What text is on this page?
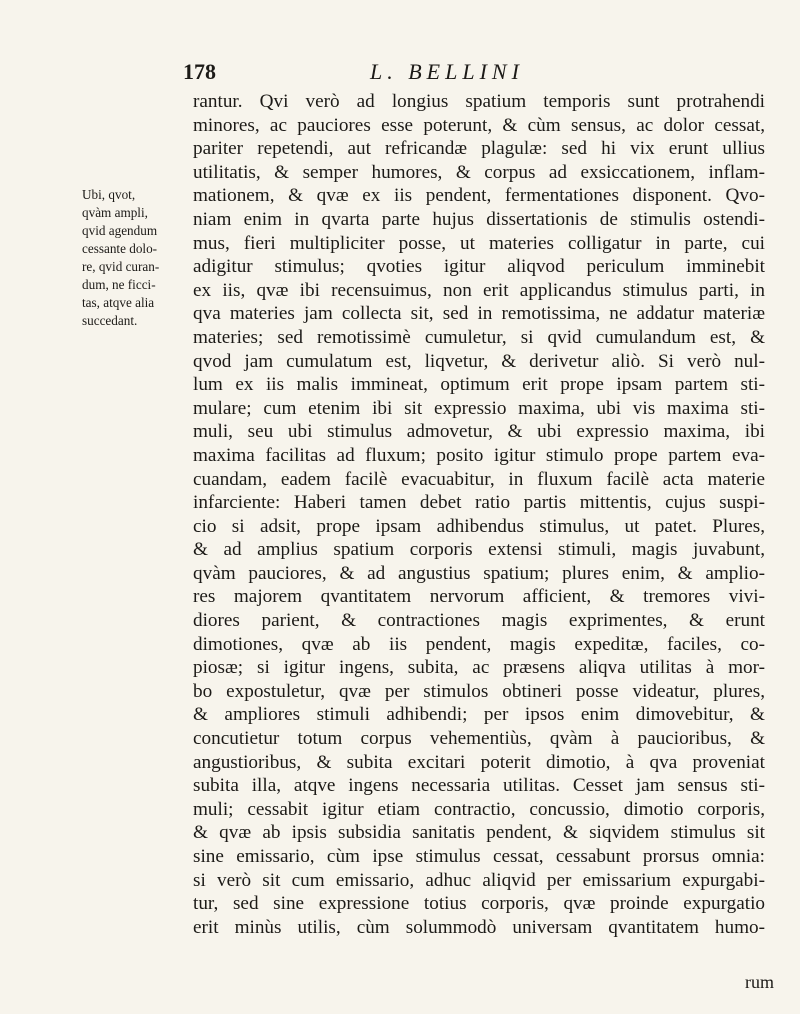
178	L. BELLINI
Ubi, qvot,
qvàm ampli,
qvid agendum
cessante dolo-
re, qvid curan-
dum, ne ficci-
tas, atqve alia
succedant.
rantur. Qvi verò ad longius spatium temporis sunt protrahendi
minores, ac pauciores esse poterunt, & cùm sensus, ac dolor cessat,
pariter repetendi, aut refricandæ plagulæ: sed hi vix erunt ullius
utilitatis, & semper humores, & corpus ad exsiccationem, inflam-
mationem, & qvæ ex iis pendent, fermentationes disponent. Qvo-
niam enim in qvarta parte hujus dissertationis de stimulis ostendi-
mus, fieri multipliciter posse, ut materies colligatur in parte, cui
adigitur stimulus; qvoties igitur aliqvod periculum imminebit
ex iis, qvæ ibi recensuimus, non erit applicandus stimulus parti, in
qva materies jam collecta sit, sed in remotissima, ne addatur materiæ
materies; sed remotissimè cumuletur, si qvid cumulandum est, &
qvod jam cumulatum est, liqvetur, & derivetur aliò. Si verò nul-
lum ex iis malis immineat, optimum erit prope ipsam partem sti-
mulare; cum etenim ibi sit expressio maxima, ubi vis maxima sti-
muli, seu ubi stimulus admovetur, & ubi expressio maxima, ibi
maxima facilitas ad fluxum; posito igitur stimulo prope partem eva-
cuandam, eadem facilè evacuabitur, in fluxum facilè acta materie
infarciente: Haberi tamen debet ratio partis mittentis, cujus suspi-
cio si adsit, prope ipsam adhibendus stimulus, ut patet. Plures,
& ad amplius spatium corporis extensi stimuli, magis juvabunt,
qvàm pauciores, & ad angustius spatium; plures enim, & amplio-
res majorem qvantitatem nervorum afficient, & tremores vivi-
diores parient, & contractiones magis exprimentes, & erunt
dimotiones, qvæ ab iis pendent, magis expeditæ, faciles, co-
piosæ; si igitur ingens, subita, ac præsens aliqva utilitas à mor-
bo expostuletur, qvæ per stimulos obtineri posse videatur, plures,
& ampliores stimuli adhibendi; per ipsos enim dimovebitur, &
concutietur totum corpus vehementiùs, qvàm à paucioribus, &
angustioribus, & subita excitari poterit dimotio, à qva proveniat
subita illa, atqve ingens necessaria utilitas. Cesset jam sensus sti-
muli; cessabit igitur etiam contractio, concussio, dimotio corporis,
& qvæ ab ipsis subsidia sanitatis pendent, & siqvidem stimulus sit
sine emissario, cùm ipse stimulus cessat, cessabunt prorsus omnia:
si verò sit cum emissario, adhuc aliqvid per emissarium expurgabi-
tur, sed sine expressione totius corporis, qvæ proinde expurgatio
erit minùs utilis, cùm solummodò universam qvantitatem humo-
rum
